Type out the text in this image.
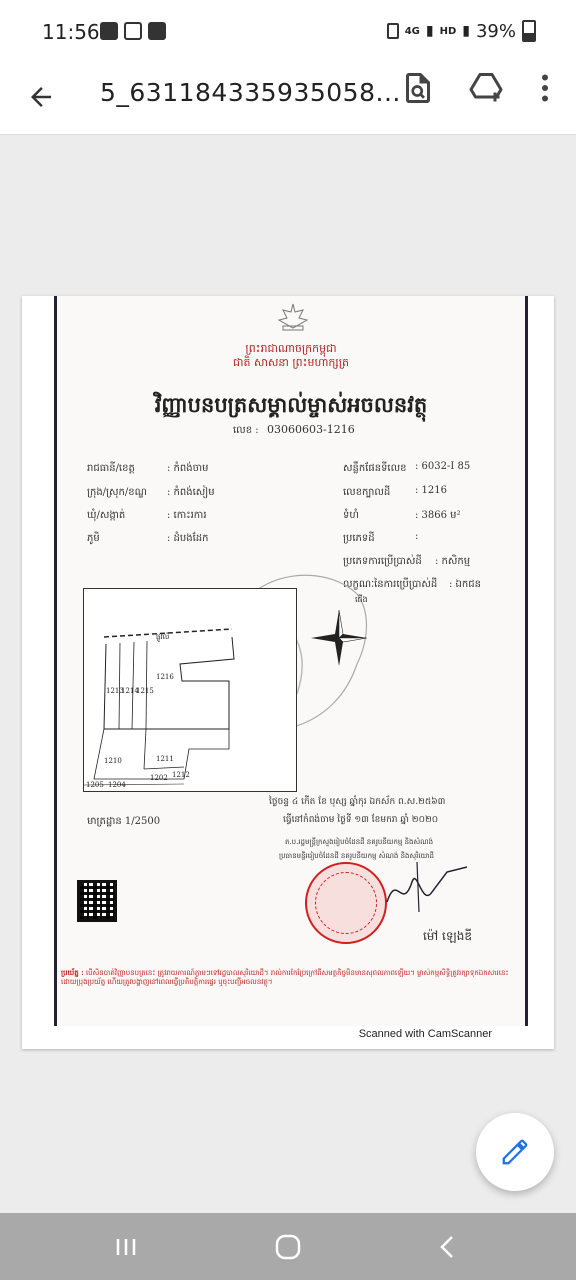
11:56	4G ▮ HD ▮ 39%
5_631184335935058...
ព្រះរាជាណាចក្រកម្ពុជា
ជាតិ សាសនា ព្រះមហាក្សត្រ
វិញ្ញាបនបត្រសម្គាល់ម្ចាស់អចលនវត្ថុ
លេខ : 03060603-1216
រាជធានី/ខេត្ត	: កំពង់ចាម
ក្រុង/ស្រុក/ខណ្ឌ : កំពង់សៀម
ឃុំ/សង្កាត់	: កោះរការ
ភូមិ	: ដំបងដែក
សន្លឹកផែនទីលេខ : 6032-I 85
លេខក្បាលដី : 1216
ទំហំ	: 3866 ម²
ប្រភេទដី	:
ប្រភេទការប្រើប្រាស់ដី : កសិកម្ម
លក្ខណៈនៃការប្រើប្រាស់ដី : ឯកជន
ជើង
ផ្លូវលំ
1213
1214
1215
1216
1210	1211
1204
1205
1202 1212
ថ្ងៃចន្ទ ៤ កើត ខែ បុស្ស ឆ្នាំកុរ ឯកស័ក ព.ស.២៥៦៣
មាត្រដ្ឋាន 1/2500	ធ្វើនៅកំពង់ចាម ថ្ងៃទី ១៣ ខែមករា ឆ្នាំ ២០២០
ត.ប.រដ្ឋមន្ត្រីក្រសួងរៀបចំដែនដី នគរូបនីយកម្ម និងសំណង់
ប្រធានមន្ទីររៀបចំដែនដី នគរូបនីយកម្ម សំណង់ និងសុរិយោដី
ម៉ៅ ឡេងឌី
ប្រយ័ត្ន : បើសិនបាត់វិញ្ញាបនបត្រនេះ ត្រូវរាយការណ៍ភ្លាមៗទៅរដ្ឋបាលសុរិយោដី។ រាល់ការកែប្រែក្រៅពីសមត្ថកិច្ចមិនមានសុពលភាពឡើយ។ ម្ចាស់កម្មសិទ្ធិត្រូវរក្សាទុកឯកសារនេះដោយប្រុងប្រយ័ត្ន ហើយត្រូវបង្ហាញនៅពេលធ្វើប្រតិបត្តិការផ្ទេរ ឬចុះបញ្ជីអចលនវត្ថុ។
Scanned with CamScanner
